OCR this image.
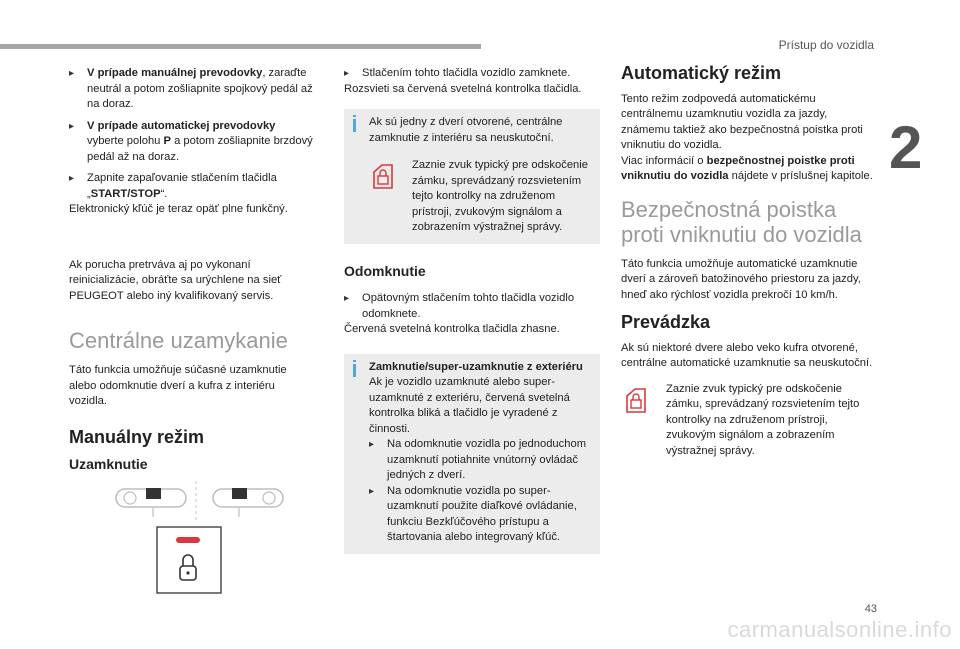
Prístup do vozidla
2
▸ V prípade manuálnej prevodovky, zaraďte neutrál a potom zošliapnite spojkový pedál až na doraz.
▸ V prípade automatickej prevodovky vyberte polohu P a potom zošliapnite brzdový pedál až na doraz.
▸ Zapnite zapaľovanie stlačením tlačidla „START/STOP“.

Elektronický kľúč je teraz opäť plne funkčný.

Ak porucha pretrváva aj po vykonaní reinicializácie, obráťte sa urýchlene na sieť PEUGEOT alebo iný kvalifikovaný servis.

Centrálne uzamykanie

Táto funkcia umožňuje súčasné uzamknutie alebo odomknutie dverí a kufra z interiéru vozidla.

Manuálny režim
Uzamknutie
▸ Stlačením tohto tlačidla vozidlo zamknete.

Rozsvieti sa červená svetelná kontrolka tlačidla.

Ak sú jedny z dverí otvorené, centrálne zamknutie z interiéru sa neuskutoční.
Zaznie zvuk typický pre odskočenie zámku, sprevádzaný rozsvietením tejto kontrolky na združenom prístroji, zvukovým signálom a zobrazením výstražnej správy.
Odomknutie
▸ Opätovným stlačením tohto tlačidla vozidlo odomknete.

Červená svetelná kontrolka tlačidla zhasne.

Zamknutie/super-uzamknutie z exteriéru
Ak je vozidlo uzamknuté alebo super-uzamknuté z exteriéru, červená svetelná kontrolka bliká a tlačidlo je vyradené z činnosti.
▸ Na odomknutie vozidla po jednoduchom uzamknutí potiahnite vnútorný ovládač jedných z dverí.
▸ Na odomknutie vozidla po super-uzamknutí použite diaľkové ovládanie, funkciu Bezkľúčového prístupu a štartovania alebo integrovaný kľúč.
Automatický režim

Tento režim zodpovedá automatickému centrálnemu uzamknutiu vozidla za jazdy, známemu taktiež ako bezpečnostná poistka proti vniknutiu do vozidla.

Viac informácií o bezpečnostnej poistke proti vniknutiu do vozidla nájdete v príslušnej kapitole.

Bezpečnostná poistka proti vniknutiu do vozidla

Táto funkcia umožňuje automatické uzamknutie dverí a zároveň batožinového priestoru za jazdy, hneď ako rýchlosť vozidla prekročí 10 km/h.

Prevádzka

Ak sú niektoré dvere alebo veko kufra otvorené, centrálne automatické uzamknutie sa neuskutoční.

Zaznie zvuk typický pre odskočenie zámku, sprevádzaný rozsvietením tejto kontrolky na združenom prístroji, zvukovým signálom a zobrazením výstražnej správy.
43
carmanualsonline.info
